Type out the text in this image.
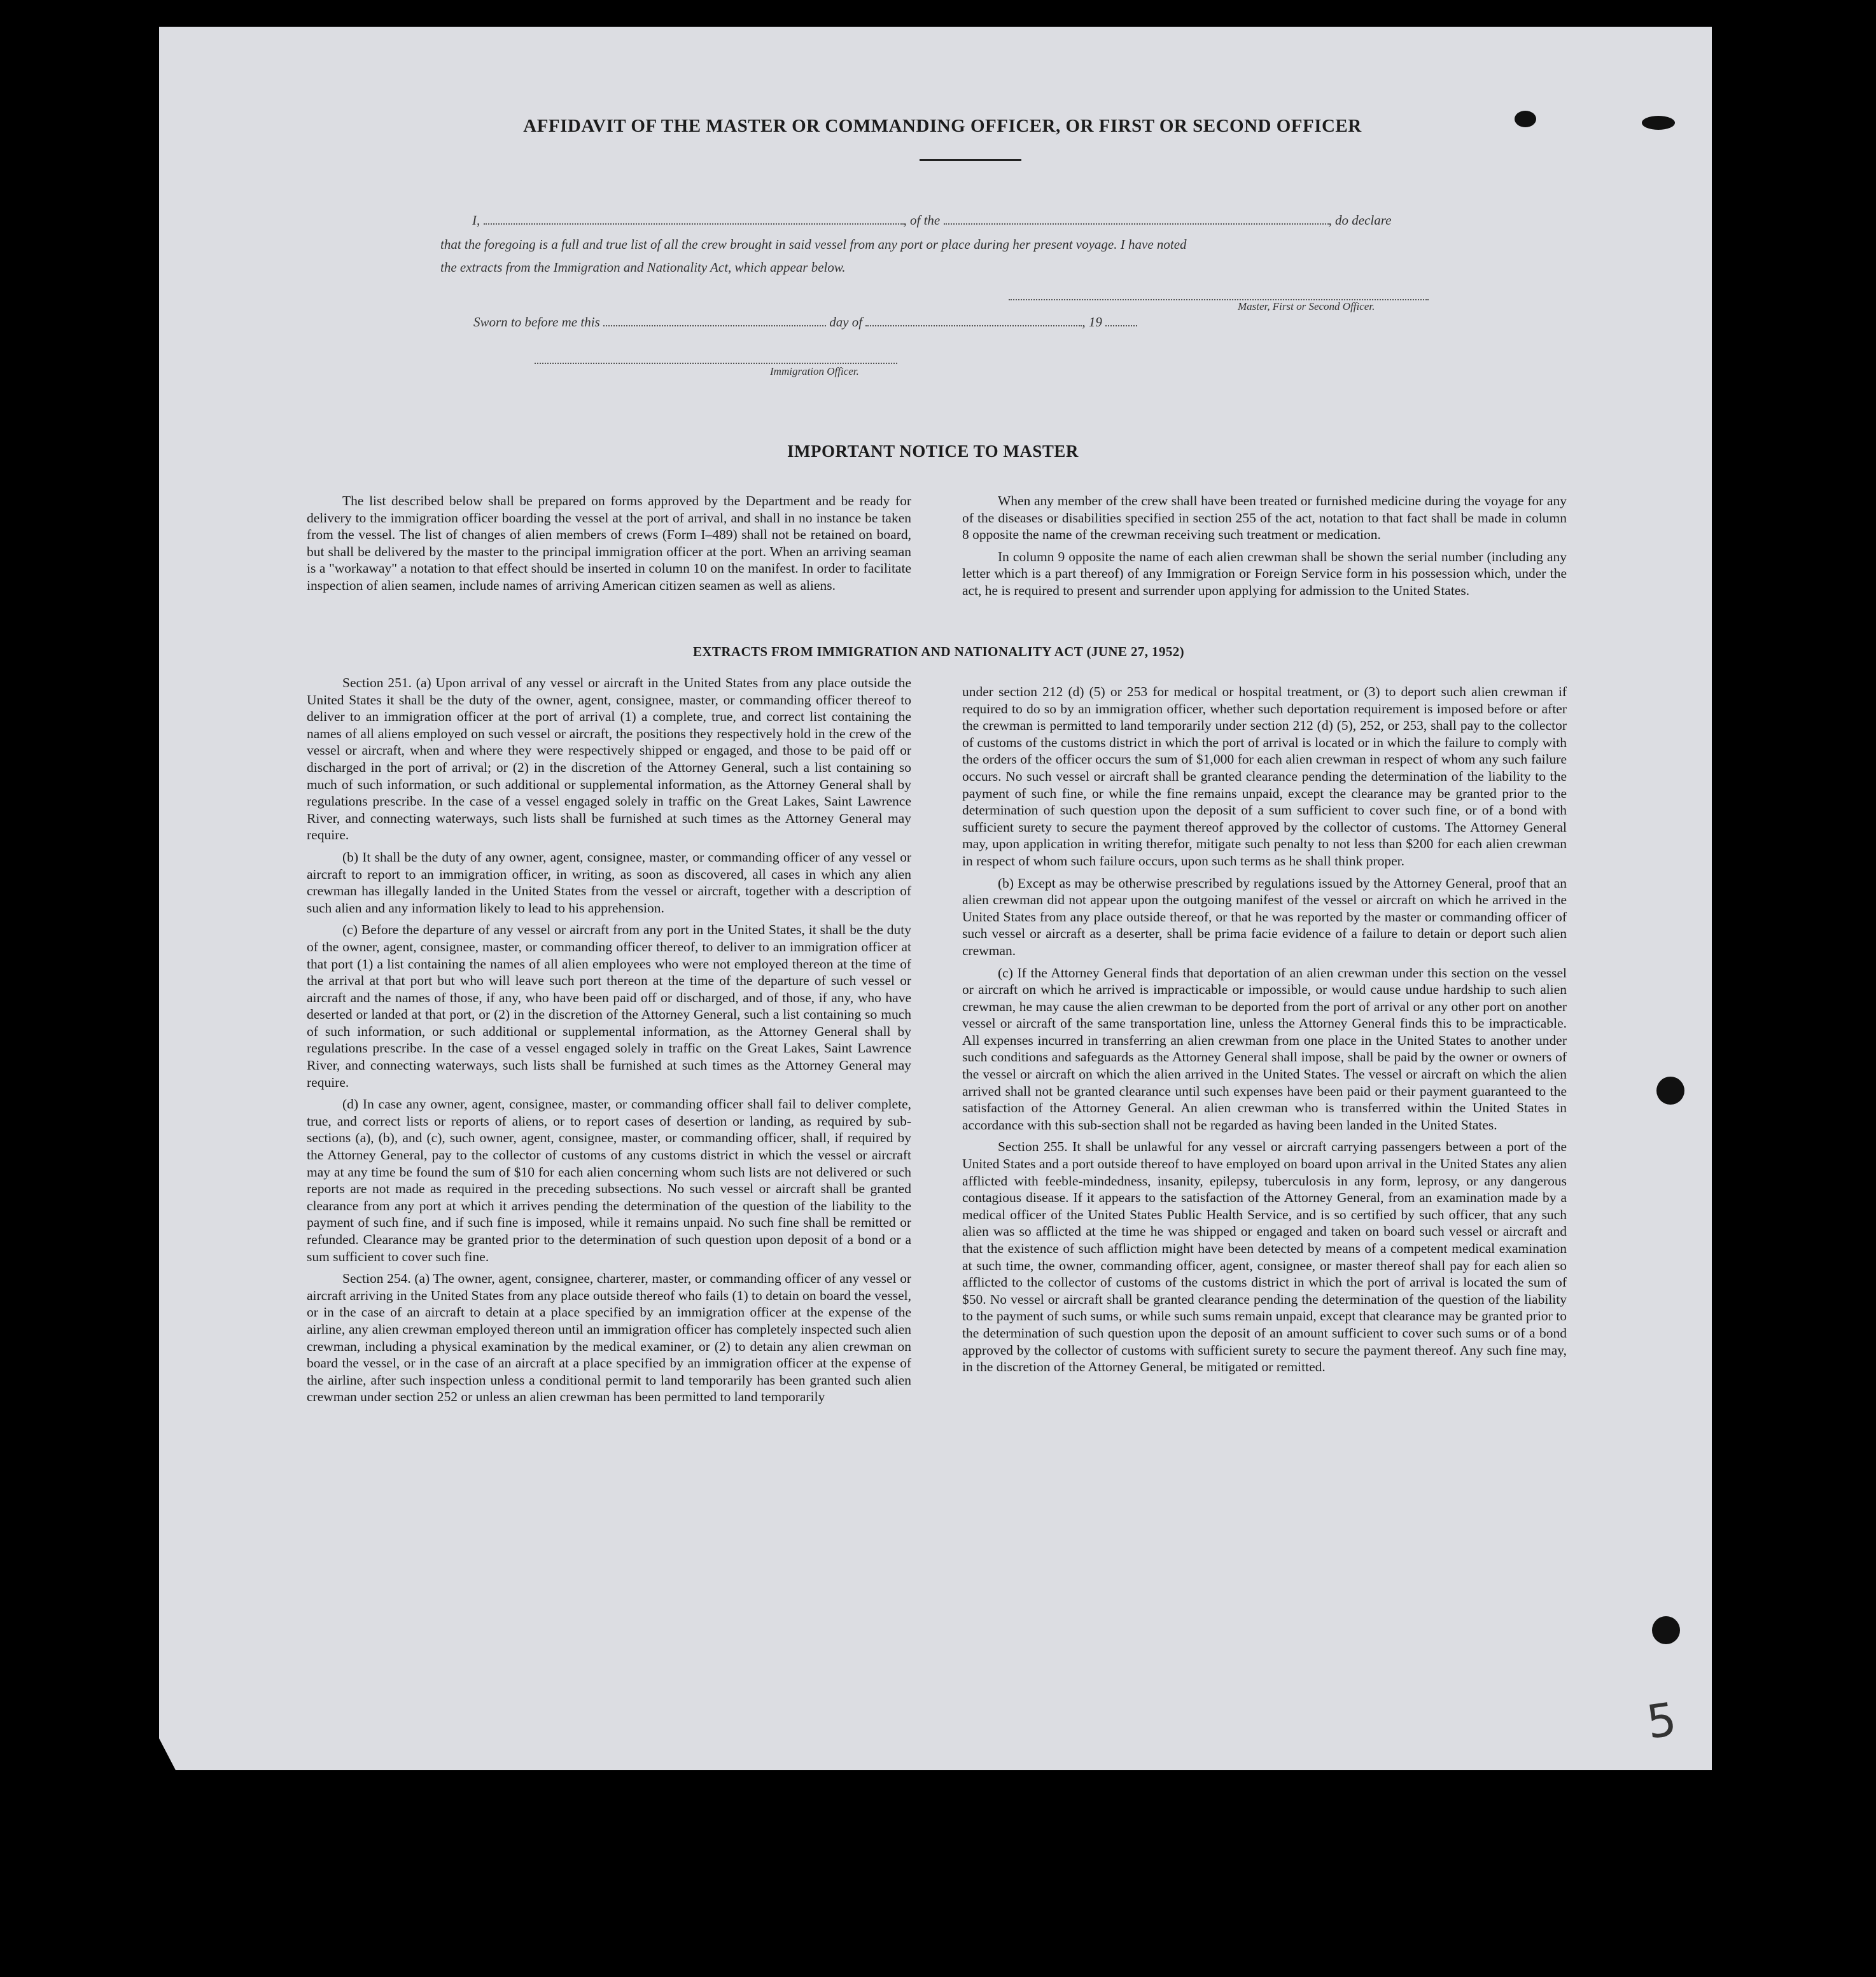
AFFIDAVIT OF THE MASTER OR COMMANDING OFFICER, OR FIRST OR SECOND OFFICER
I,	, of the	, do declare
that the foregoing is a full and true list of all the crew brought in said vessel from any port or place during her present voyage. I have noted
the extracts from the Immigration and Nationality Act, which appear below.
Master, First or Second Officer.
Sworn to before me this	day of	, 19
Immigration Officer.
IMPORTANT NOTICE TO MASTER

The list described below shall be prepared on forms approved by the Department and be ready for delivery to the immigration officer boarding the vessel at the port of arrival, and shall in no instance be taken from the vessel. The list of changes of alien members of crews (Form I–489) shall not be retained on board, but shall be delivered by the master to the principal immigration officer at the port. When an arriving seaman is a "workaway" a notation to that effect should be inserted in column 10 on the manifest. In order to facilitate inspection of alien seamen, include names of arriving American citizen seamen as well as aliens.

When any member of the crew shall have been treated or furnished medicine during the voyage for any of the diseases or disabilities specified in section 255 of the act, notation to that fact shall be made in column 8 opposite the name of the crewman receiving such treatment or medication.

In column 9 opposite the name of each alien crewman shall be shown the serial number (including any letter which is a part thereof) of any Immigration or Foreign Service form in his possession which, under the act, he is required to present and surrender upon applying for admission to the United States.

EXTRACTS FROM IMMIGRATION AND NATIONALITY ACT (JUNE 27, 1952)

Section 251. (a) Upon arrival of any vessel or aircraft in the United States from any place outside the United States it shall be the duty of the owner, agent, consignee, master, or commanding officer thereof to deliver to an immigration officer at the port of arrival (1) a complete, true, and correct list containing the names of all aliens employed on such vessel or aircraft, the positions they respectively hold in the crew of the vessel or aircraft, when and where they were respectively shipped or engaged, and those to be paid off or discharged in the port of arrival; or (2) in the discretion of the Attorney General, such a list containing so much of such information, or such additional or supplemental information, as the Attorney General shall by regulations prescribe. In the case of a vessel engaged solely in traffic on the Great Lakes, Saint Lawrence River, and connecting waterways, such lists shall be furnished at such times as the Attorney General may require.

(b) It shall be the duty of any owner, agent, consignee, master, or commanding officer of any vessel or aircraft to report to an immigration officer, in writing, as soon as discovered, all cases in which any alien crewman has illegally landed in the United States from the vessel or aircraft, together with a description of such alien and any information likely to lead to his apprehension.

(c) Before the departure of any vessel or aircraft from any port in the United States, it shall be the duty of the owner, agent, consignee, master, or commanding officer thereof, to deliver to an immigration officer at that port (1) a list containing the names of all alien employees who were not employed thereon at the time of the arrival at that port but who will leave such port thereon at the time of the departure of such vessel or aircraft and the names of those, if any, who have been paid off or discharged, and of those, if any, who have deserted or landed at that port, or (2) in the discretion of the Attorney General, such a list containing so much of such information, or such additional or supplemental information, as the Attorney General shall by regulations prescribe. In the case of a vessel engaged solely in traffic on the Great Lakes, Saint Lawrence River, and connecting waterways, such lists shall be furnished at such times as the Attorney General may require.

(d) In case any owner, agent, consignee, master, or commanding officer shall fail to deliver complete, true, and correct lists or reports of aliens, or to report cases of desertion or landing, as required by sub-sections (a), (b), and (c), such owner, agent, consignee, master, or commanding officer, shall, if required by the Attorney General, pay to the collector of customs of any customs district in which the vessel or aircraft may at any time be found the sum of $10 for each alien concerning whom such lists are not delivered or such reports are not made as required in the preceding subsections. No such vessel or aircraft shall be granted clearance from any port at which it arrives pending the determination of the question of the liability to the payment of such fine, and if such fine is imposed, while it remains unpaid. No such fine shall be remitted or refunded. Clearance may be granted prior to the determination of such question upon deposit of a bond or a sum sufficient to cover such fine.

Section 254. (a) The owner, agent, consignee, charterer, master, or commanding officer of any vessel or aircraft arriving in the United States from any place outside thereof who fails (1) to detain on board the vessel, or in the case of an aircraft to detain at a place specified by an immigration officer at the expense of the airline, any alien crewman employed thereon until an immigration officer has completely inspected such alien crewman, including a physical examination by the medical examiner, or (2) to detain any alien crewman on board the vessel, or in the case of an aircraft at a place specified by an immigration officer at the expense of the airline, after such inspection unless a conditional permit to land temporarily has been granted such alien crewman under section 252 or unless an alien crewman has been permitted to land temporarily

under section 212 (d) (5) or 253 for medical or hospital treatment, or (3) to deport such alien crewman if required to do so by an immigration officer, whether such deportation requirement is imposed before or after the crewman is permitted to land temporarily under section 212 (d) (5), 252, or 253, shall pay to the collector of customs of the customs district in which the port of arrival is located or in which the failure to comply with the orders of the officer occurs the sum of $1,000 for each alien crewman in respect of whom any such failure occurs. No such vessel or aircraft shall be granted clearance pending the determination of the liability to the payment of such fine, or while the fine remains unpaid, except the clearance may be granted prior to the determination of such question upon the deposit of a sum sufficient to cover such fine, or of a bond with sufficient surety to secure the payment thereof approved by the collector of customs. The Attorney General may, upon application in writing therefor, mitigate such penalty to not less than $200 for each alien crewman in respect of whom such failure occurs, upon such terms as he shall think proper.

(b) Except as may be otherwise prescribed by regulations issued by the Attorney General, proof that an alien crewman did not appear upon the outgoing manifest of the vessel or aircraft on which he arrived in the United States from any place outside thereof, or that he was reported by the master or commanding officer of such vessel or aircraft as a deserter, shall be prima facie evidence of a failure to detain or deport such alien crewman.

(c) If the Attorney General finds that deportation of an alien crewman under this section on the vessel or aircraft on which he arrived is impracticable or impossible, or would cause undue hardship to such alien crewman, he may cause the alien crewman to be deported from the port of arrival or any other port on another vessel or aircraft of the same transportation line, unless the Attorney General finds this to be impracticable. All expenses incurred in transferring an alien crewman from one place in the United States to another under such conditions and safeguards as the Attorney General shall impose, shall be paid by the owner or owners of the vessel or aircraft on which the alien arrived in the United States. The vessel or aircraft on which the alien arrived shall not be granted clearance until such expenses have been paid or their payment guaranteed to the satisfaction of the Attorney General. An alien crewman who is transferred within the United States in accordance with this sub-section shall not be regarded as having been landed in the United States.

Section 255. It shall be unlawful for any vessel or aircraft carrying passengers between a port of the United States and a port outside thereof to have employed on board upon arrival in the United States any alien afflicted with feeble-mindedness, insanity, epilepsy, tuberculosis in any form, leprosy, or any dangerous contagious disease. If it appears to the satisfaction of the Attorney General, from an examination made by a medical officer of the United States Public Health Service, and is so certified by such officer, that any such alien was so afflicted at the time he was shipped or engaged and taken on board such vessel or aircraft and that the existence of such affliction might have been detected by means of a competent medical examination at such time, the owner, commanding officer, agent, consignee, or master thereof shall pay for each alien so afflicted to the collector of customs of the customs district in which the port of arrival is located the sum of $50. No vessel or aircraft shall be granted clearance pending the determination of the question of the liability to the payment of such sums, or while such sums remain unpaid, except that clearance may be granted prior to the determination of such question upon the deposit of an amount sufficient to cover such sums or of a bond approved by the collector of customs with sufficient surety to secure the payment thereof. Any such fine may, in the discretion of the Attorney General, be mitigated or remitted.

5
